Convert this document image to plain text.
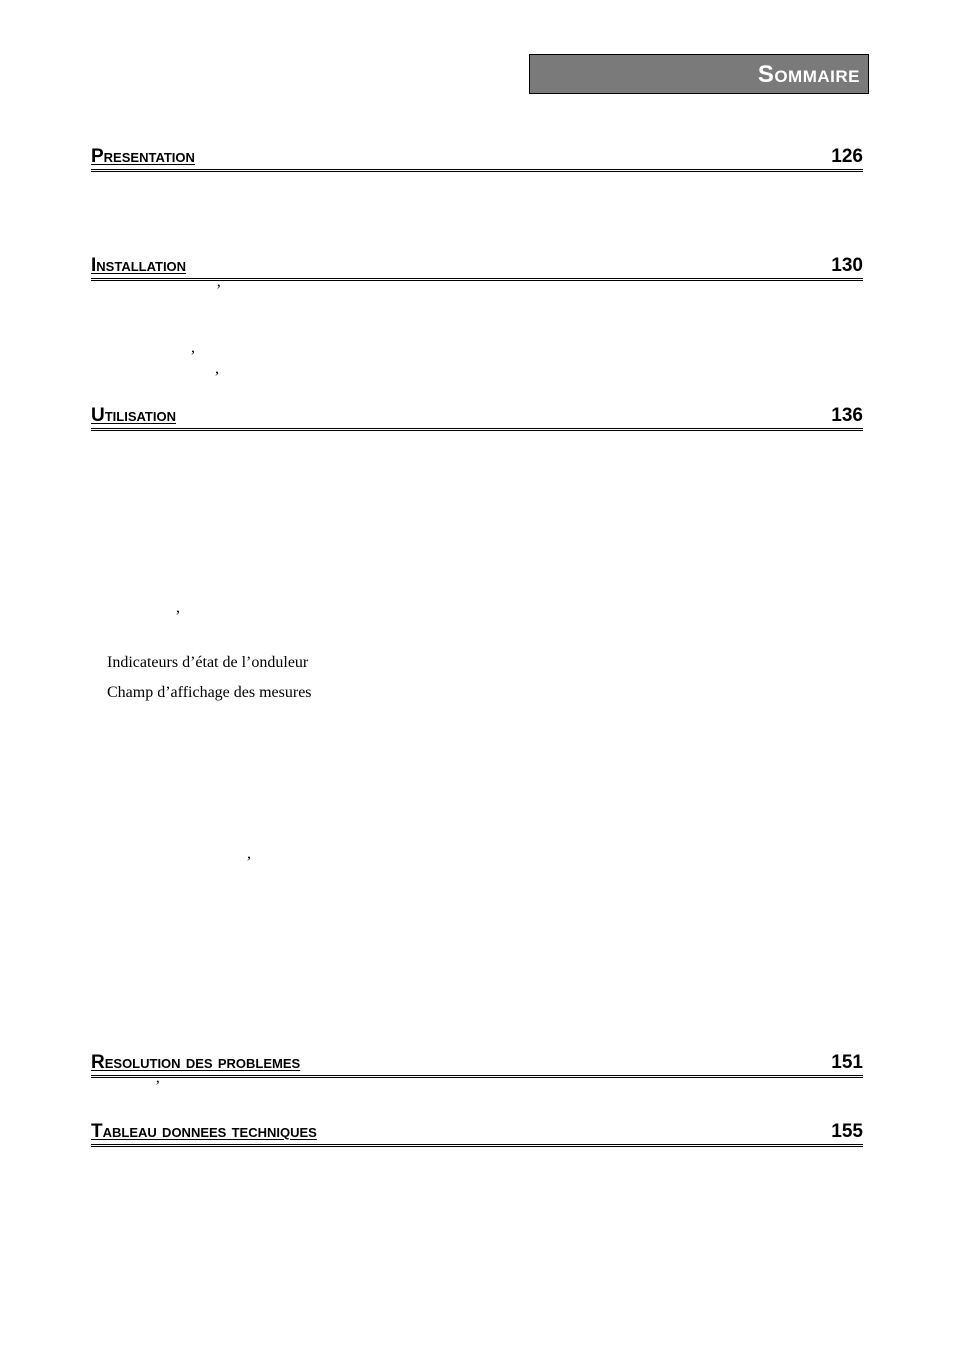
Sommaire
Presentation	126
Installation	130
’
,
,
Utilisation	136
,
Indicateurs d’état de l’onduleur
Champ d’affichage des mesures
,
Resolution des problemes	151
’
Tableau donnees techniques	155
